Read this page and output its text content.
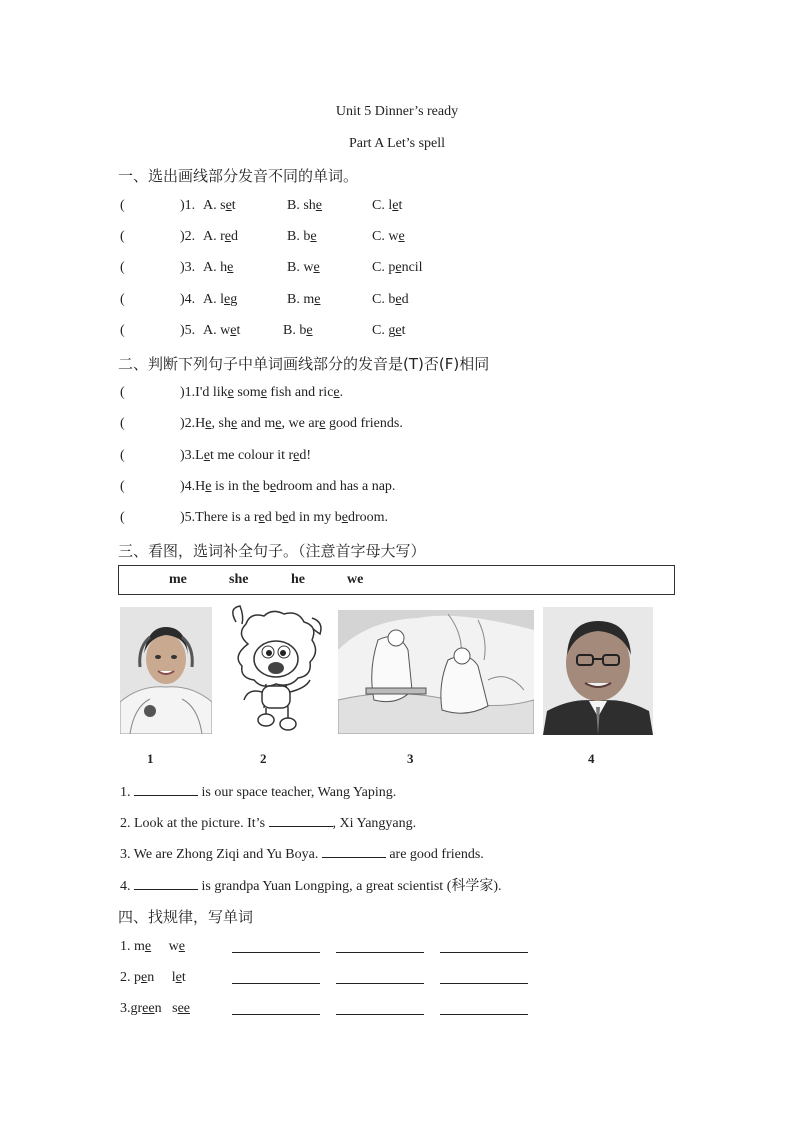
Unit 5 Dinner’s ready
Part A Let’s spell
一、选出画线部分发音不同的单词。
(	)1. A. set	B. she	C. let
(	)2. A. red	B. be	C. we
(	)3. A. he	B. we	C. pencil
(	)4. A. leg	B. me	C. bed
(	)5. A. wet	B. be	C. get
二、判断下列句子中单词画线部分的发音是(T)否(F)相同
(	)1.I'd like some fish and rice.
(	)2.He, she and me, we are good friends.
(	)3.Let me colour it red!
(	)4.He is in the bedroom and has a nap.
(	)5.There is a red bed in my bedroom.
三、看图，选词补全句子。（注意首字母大写）
me	she	he	we
1	2	3	4
1.	is our space teacher, Wang Yaping.
2. Look at the picture. It’s	, Xi Yangyang.
3. We are Zhong Ziqi and Yu Boya.	are good friends.
4.	is grandpa Yuan Longping, a great scientist (科学家).
四、找规律，写单词
1. me     we
2. pen     let
3.green   see
